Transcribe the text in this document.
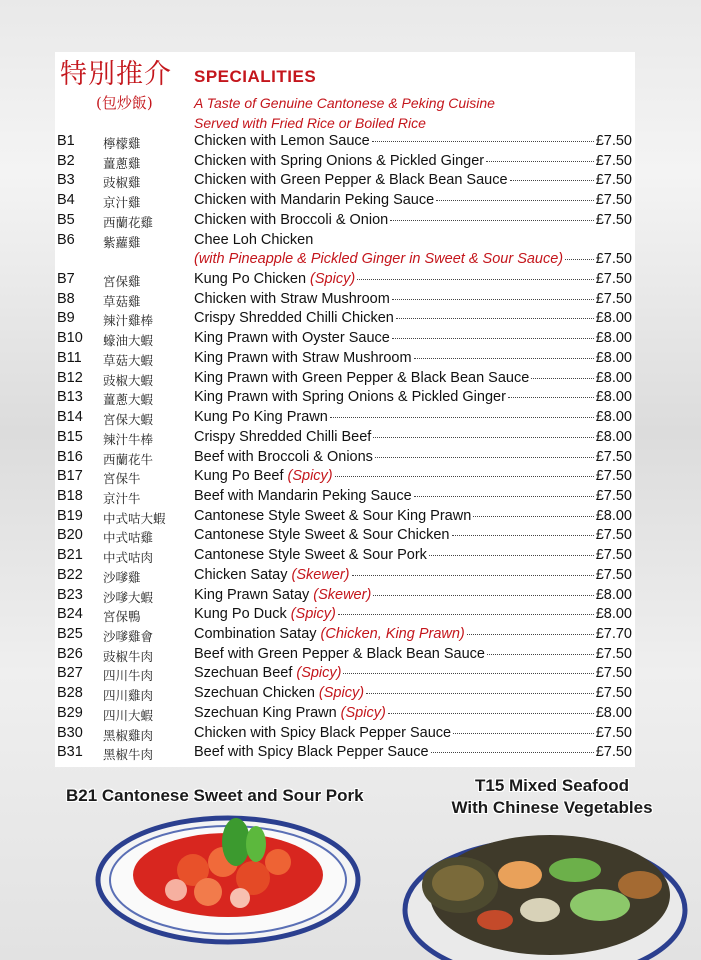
特別推介
(包炒飯)
SPECIALITIES
A Taste of Genuine Cantonese & Peking Cuisine
Served with Fried Rice or Boiled Rice
B1	檸檬雞	Chicken with Lemon Sauce	£7.50
B2	薑蔥雞	Chicken with Spring Onions & Pickled Ginger	£7.50
B3	豉椒雞	Chicken with Green Pepper & Black Bean Sauce	£7.50
B4	京汁雞	Chicken with Mandarin Peking Sauce	£7.50
B5	西蘭花雞	Chicken with Broccoli & Onion	£7.50
B6	紫蘿雞	Chee Loh Chicken
(with Pineapple & Pickled Ginger in Sweet & Sour Sauce) £7.50
B7	宮保雞	Kung Po Chicken (Spicy)	£7.50
B8	草菇雞	Chicken with Straw Mushroom	£7.50
B9	辣汁雞棒	Crispy Shredded Chilli Chicken	£8.00
B10	蠔油大蝦	King Prawn with Oyster Sauce	£8.00
B11	草菇大蝦	King Prawn with Straw Mushroom	£8.00
B12	豉椒大蝦	King Prawn with Green Pepper & Black Bean Sauce	£8.00
B13	薑蔥大蝦	King Prawn with Spring Onions & Pickled Ginger	£8.00
B14	宮保大蝦	Kung Po King Prawn	£8.00
B15	辣汁牛棒	Crispy Shredded Chilli Beef	£8.00
B16	西蘭花牛	Beef with Broccoli & Onions	£7.50
B17	宮保牛	Kung Po Beef (Spicy)	£7.50
B18	京汁牛	Beef with Mandarin Peking Sauce	£7.50
B19	中式咕大蝦 Cantonese Style Sweet & Sour King Prawn	£8.00
B20	中式咕雞	Cantonese Style Sweet & Sour Chicken	£7.50
B21	中式咕肉	Cantonese Style Sweet & Sour Pork	£7.50
B22	沙嗲雞	Chicken Satay (Skewer)	£7.50
B23	沙嗲大蝦	King Prawn Satay (Skewer)	£8.00
B24	宮保鴨	Kung Po Duck (Spicy)	£8.00
B25	沙嗲雞會	Combination Satay (Chicken, King Prawn)	£7.70
B26	豉椒牛肉	Beef with Green Pepper & Black Bean Sauce	£7.50
B27	四川牛肉	Szechuan Beef (Spicy)	£7.50
B28	四川雞肉	Szechuan Chicken (Spicy)	£7.50
B29	四川大蝦	Szechuan King Prawn (Spicy)	£8.00
B30	黑椒雞肉	Chicken with Spicy Black Pepper Sauce	£7.50
B31	黑椒牛肉	Beef with Spicy Black Pepper Sauce	£7.50
B21 Cantonese Sweet and Sour Pork
T15 Mixed Seafood
With Chinese Vegetables
